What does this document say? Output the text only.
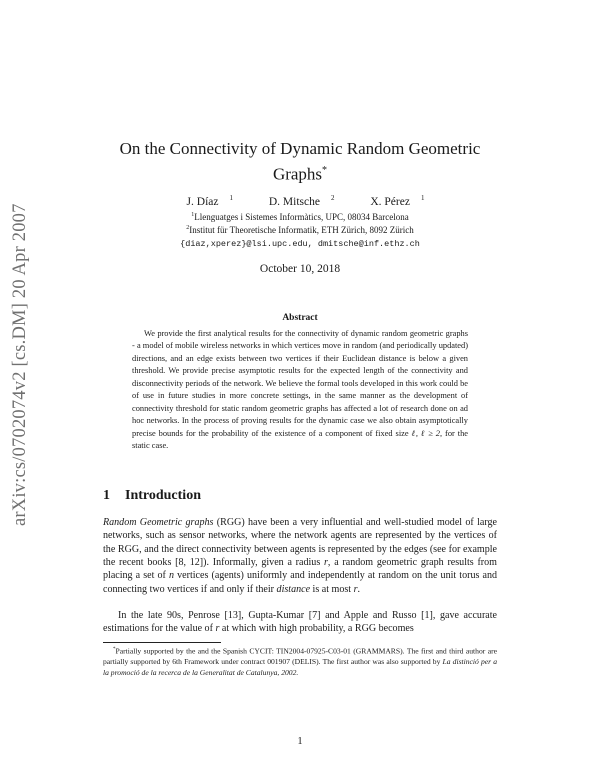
arXiv:cs/0702074v2 [cs.DM] 20 Apr 2007
On the Connectivity of Dynamic Random Geometric Graphs*
J. Díaz $^1$	D. Mitsche $^2$	X. Pérez $^1$
$^1$Llenguatges i Sistemes Informàtics, UPC, 08034 Barcelona
$^2$Institut für Theoretische Informatik, ETH Zürich, 8092 Zürich
{diaz,xperez}@lsi.upc.edu, dmitsche@inf.ethz.ch
October 10, 2018
Abstract
We provide the first analytical results for the connectivity of dynamic random geometric graphs - a model of mobile wireless networks in which vertices move in random (and periodically updated) directions, and an edge exists between two vertices if their Euclidean distance is below a given threshold. We provide precise asymptotic results for the expected length of the connectivity and disconnectivity periods of the network. We believe the formal tools developed in this work could be of use in future studies in more concrete settings, in the same manner as the development of connectivity threshold for static random geometric graphs has affected a lot of research done on ad hoc networks. In the process of proving results for the dynamic case we also obtain asymptotically precise bounds for the probability of the existence of a component of fixed size ℓ, ℓ ≥ 2, for the static case.
1 Introduction
Random Geometric graphs (RGG) have been a very influential and well-studied model of large networks, such as sensor networks, where the network agents are represented by the vertices of the RGG, and the direct connectivity between agents is represented by the edges (see for example the recent books [8, 12]). Informally, given a radius r, a random geometric graph results from placing a set of n vertices (agents) uniformly and independently at random on the unit torus and connecting two vertices if and only if their distance is at most r.
In the late 90s, Penrose [13], Gupta-Kumar [7] and Apple and Russo [1], gave accurate estimations for the value of r at which with high probability, a RGG becomes
*Partially supported by the and the Spanish CYCIT: TIN2004-07925-C03-01 (GRAMMARS). The first and third author are partially supported by 6th Framework under contract 001907 (DELIS). The first author was also supported by La distinció per a la promoció de la recerca de la Generalitat de Catalunya, 2002.
1
